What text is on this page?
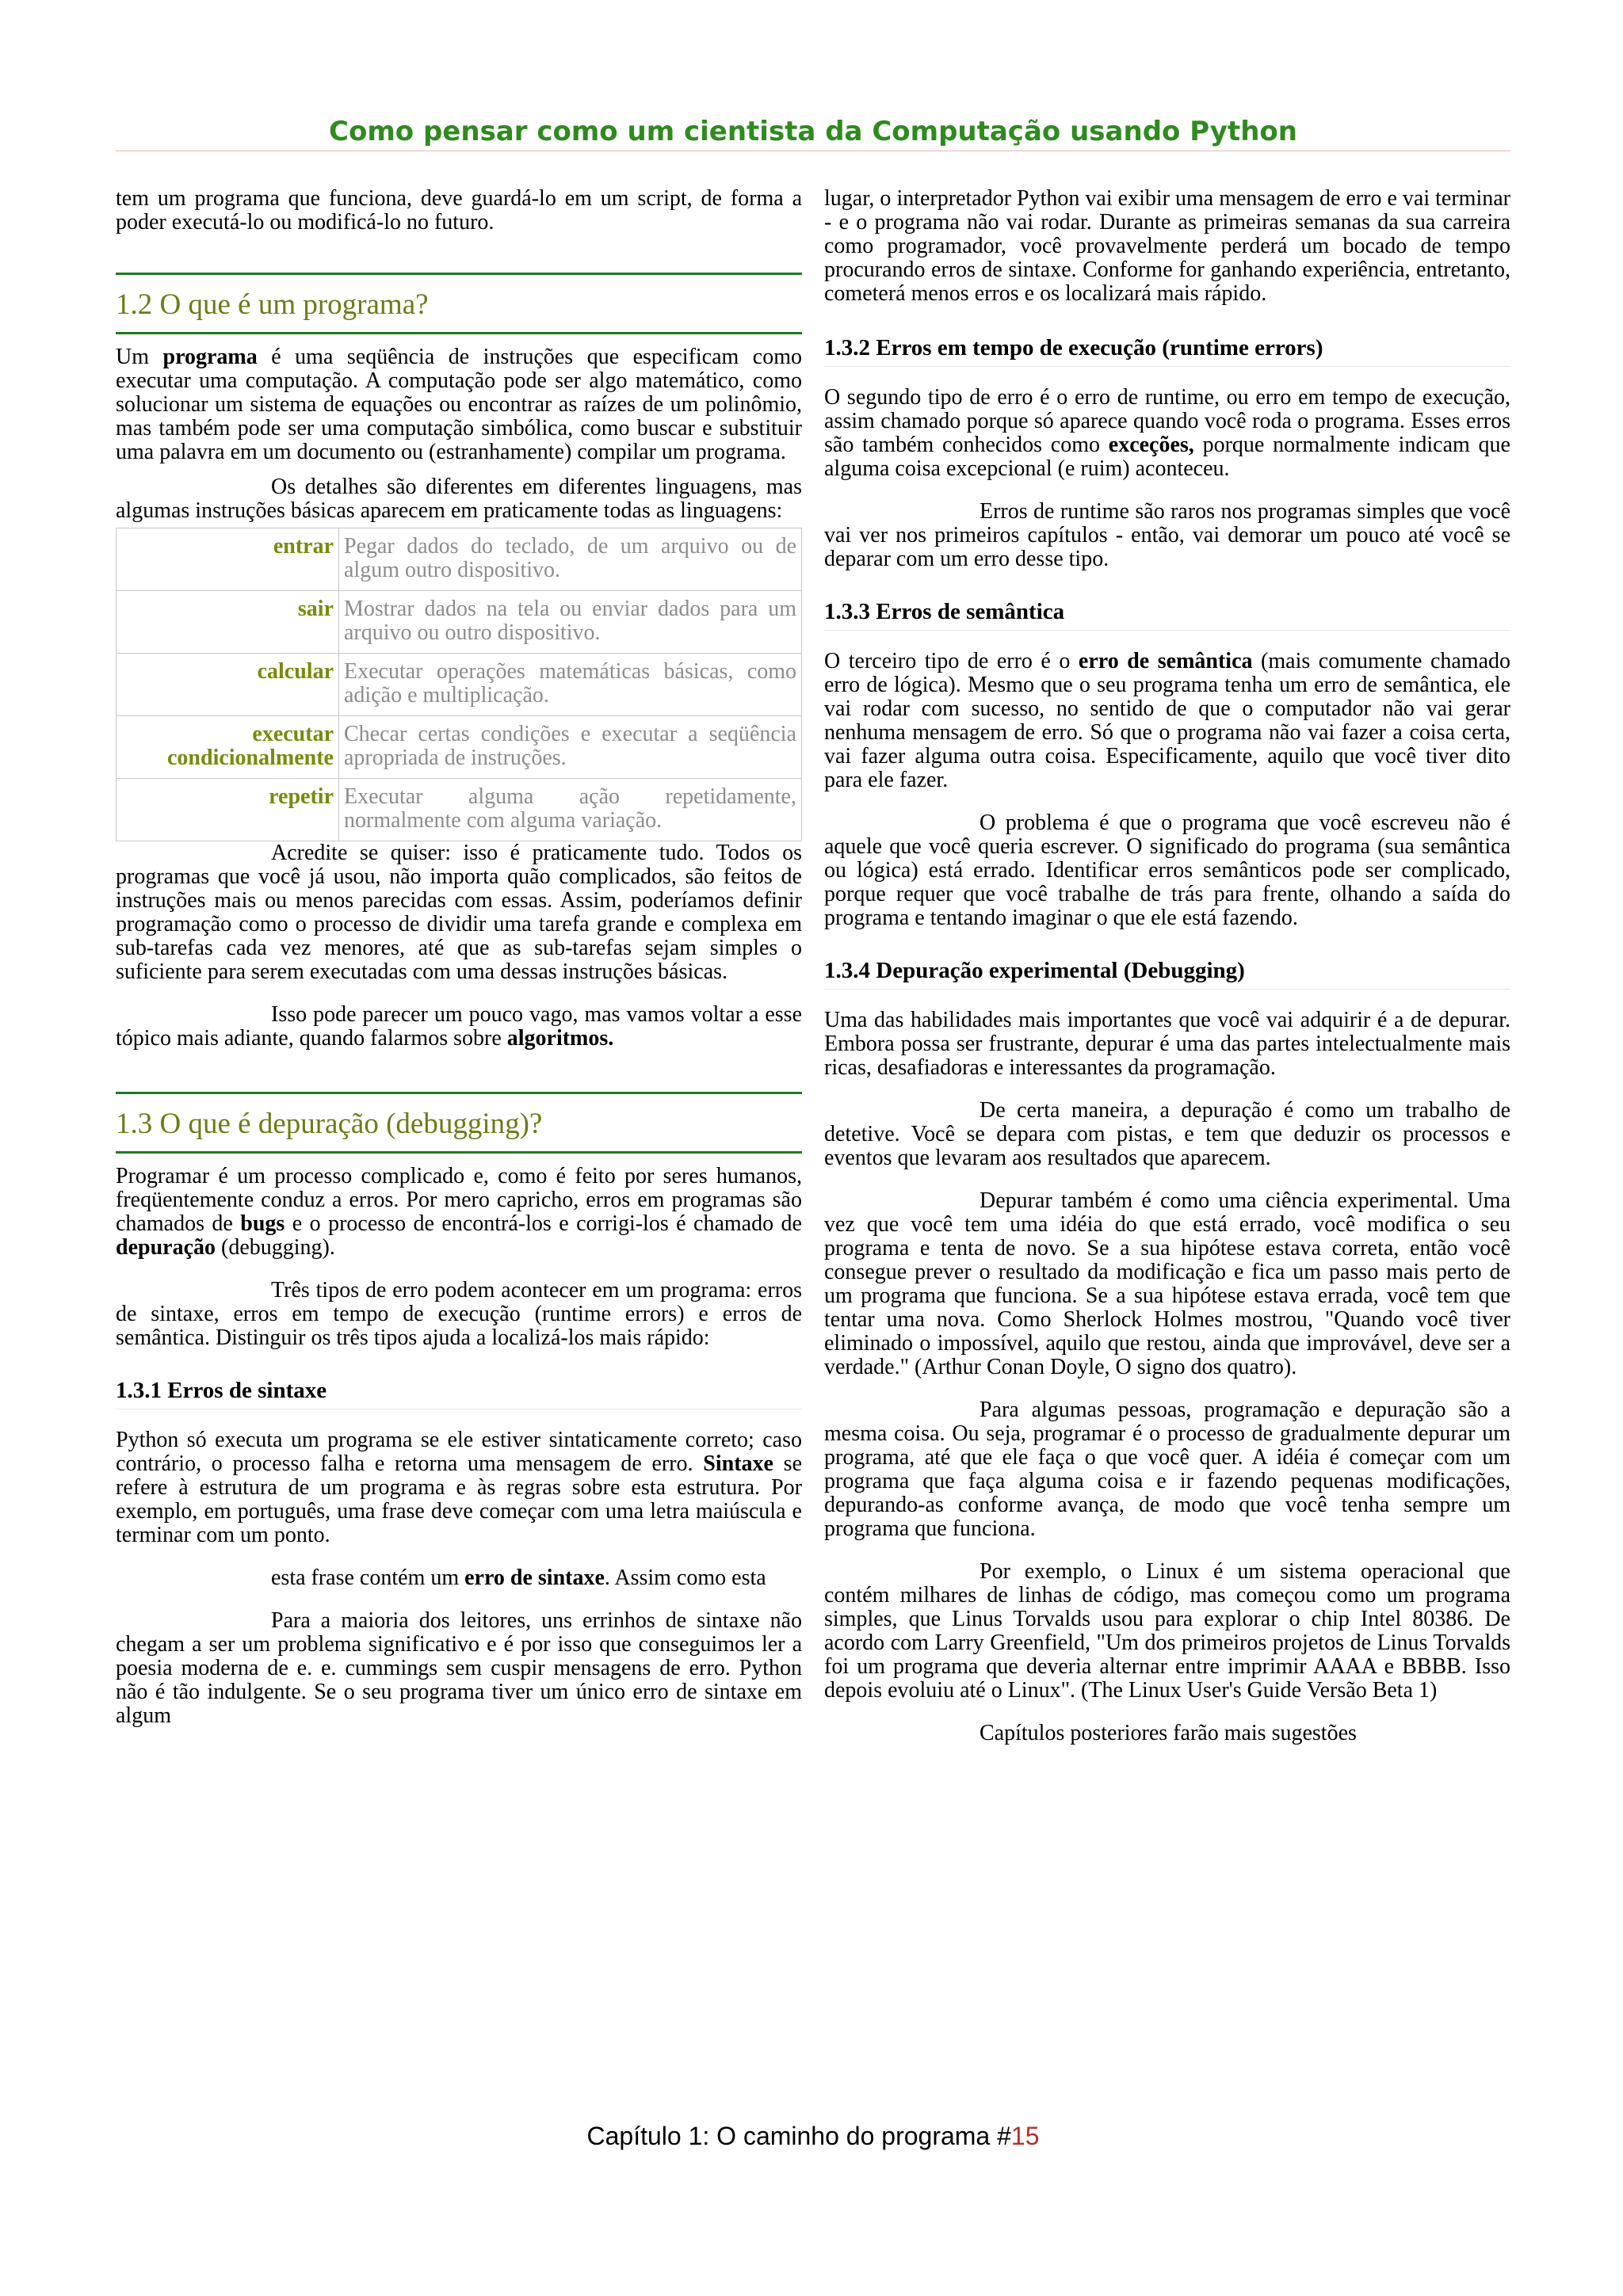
Como pensar como um cientista da Computação usando Python

tem um programa que funciona, deve guardá-lo em um script, de forma a poder executá-lo ou modificá-lo no futuro.

1.2 O que é um programa?

Um programa é uma seqüência de instruções que especificam como executar uma computação. A computação pode ser algo matemático, como solucionar um sistema de equações ou encontrar as raízes de um polinômio, mas também pode ser uma computação simbólica, como buscar e substituir uma palavra em um documento ou (estranhamente) compilar um programa.

Os detalhes são diferentes em diferentes linguagens, mas algumas instruções básicas aparecem em praticamente todas as linguagens:

entrar	Pegar dados do teclado, de um arquivo ou de algum outro dispositivo.
sair	Mostrar dados na tela ou enviar dados para um arquivo ou outro dispositivo.
calcular	Executar operações matemáticas básicas, como adição e multiplicação.
executar condicionalmente	Checar certas condições e executar a seqüência apropriada de instruções.
repetir	Executar alguma ação repetidamente, normalmente com alguma variação.

Acredite se quiser: isso é praticamente tudo. Todos os programas que você já usou, não importa quão complicados, são feitos de instruções mais ou menos parecidas com essas. Assim, poderíamos definir programação como o processo de dividir uma tarefa grande e complexa em sub-tarefas cada vez menores, até que as sub-tarefas sejam simples o suficiente para serem executadas com uma dessas instruções básicas.

Isso pode parecer um pouco vago, mas vamos voltar a esse tópico mais adiante, quando falarmos sobre algoritmos.

1.3 O que é depuração (debugging)?

Programar é um processo complicado e, como é feito por seres humanos, freqüentemente conduz a erros. Por mero capricho, erros em programas são chamados de bugs e o processo de encontrá-los e corrigi-los é chamado de depuração (debugging).

Três tipos de erro podem acontecer em um programa: erros de sintaxe, erros em tempo de execução (runtime errors) e erros de semântica. Distinguir os três tipos ajuda a localizá-los mais rápido:

1.3.1 Erros de sintaxe

Python só executa um programa se ele estiver sintaticamente correto; caso contrário, o processo falha e retorna uma mensagem de erro. Sintaxe se refere à estrutura de um programa e às regras sobre esta estrutura. Por exemplo, em português, uma frase deve começar com uma letra maiúscula e terminar com um ponto.

esta frase contém um erro de sintaxe. Assim como esta

Para a maioria dos leitores, uns errinhos de sintaxe não chegam a ser um problema significativo e é por isso que conseguimos ler a poesia moderna de e. e. cummings sem cuspir mensagens de erro. Python não é tão indulgente. Se o seu programa tiver um único erro de sintaxe em algum

lugar, o interpretador Python vai exibir uma mensagem de erro e vai terminar - e o programa não vai rodar. Durante as primeiras semanas da sua carreira como programador, você provavelmente perderá um bocado de tempo procurando erros de sintaxe. Conforme for ganhando experiência, entretanto, cometerá menos erros e os localizará mais rápido.

1.3.2 Erros em tempo de execução (runtime errors)

O segundo tipo de erro é o erro de runtime, ou erro em tempo de execução, assim chamado porque só aparece quando você roda o programa. Esses erros são também conhecidos como exceções, porque normalmente indicam que alguma coisa excepcional (e ruim) aconteceu.

Erros de runtime são raros nos programas simples que você vai ver nos primeiros capítulos - então, vai demorar um pouco até você se deparar com um erro desse tipo.

1.3.3 Erros de semântica

O terceiro tipo de erro é o erro de semântica (mais comumente chamado erro de lógica). Mesmo que o seu programa tenha um erro de semântica, ele vai rodar com sucesso, no sentido de que o computador não vai gerar nenhuma mensagem de erro. Só que o programa não vai fazer a coisa certa, vai fazer alguma outra coisa. Especificamente, aquilo que você tiver dito para ele fazer.

O problema é que o programa que você escreveu não é aquele que você queria escrever. O significado do programa (sua semântica ou lógica) está errado. Identificar erros semânticos pode ser complicado, porque requer que você trabalhe de trás para frente, olhando a saída do programa e tentando imaginar o que ele está fazendo.

1.3.4 Depuração experimental (Debugging)

Uma das habilidades mais importantes que você vai adquirir é a de depurar. Embora possa ser frustrante, depurar é uma das partes intelectualmente mais ricas, desafiadoras e interessantes da programação.

De certa maneira, a depuração é como um trabalho de detetive. Você se depara com pistas, e tem que deduzir os processos e eventos que levaram aos resultados que aparecem.

Depurar também é como uma ciência experimental. Uma vez que você tem uma idéia do que está errado, você modifica o seu programa e tenta de novo. Se a sua hipótese estava correta, então você consegue prever o resultado da modificação e fica um passo mais perto de um programa que funciona. Se a sua hipótese estava errada, você tem que tentar uma nova. Como Sherlock Holmes mostrou, "Quando você tiver eliminado o impossível, aquilo que restou, ainda que improvável, deve ser a verdade." (Arthur Conan Doyle, O signo dos quatro).

Para algumas pessoas, programação e depuração são a mesma coisa. Ou seja, programar é o processo de gradualmente depurar um programa, até que ele faça o que você quer. A idéia é começar com um programa que faça alguma coisa e ir fazendo pequenas modificações, depurando-as conforme avança, de modo que você tenha sempre um programa que funciona.

Por exemplo, o Linux é um sistema operacional que contém milhares de linhas de código, mas começou como um programa simples, que Linus Torvalds usou para explorar o chip Intel 80386. De acordo com Larry Greenfield, "Um dos primeiros projetos de Linus Torvalds foi um programa que deveria alternar entre imprimir AAAA e BBBB. Isso depois evoluiu até o Linux". (The Linux User's Guide Versão Beta 1)

Capítulos posteriores farão mais sugestões

Capítulo 1: O caminho do programa #15
